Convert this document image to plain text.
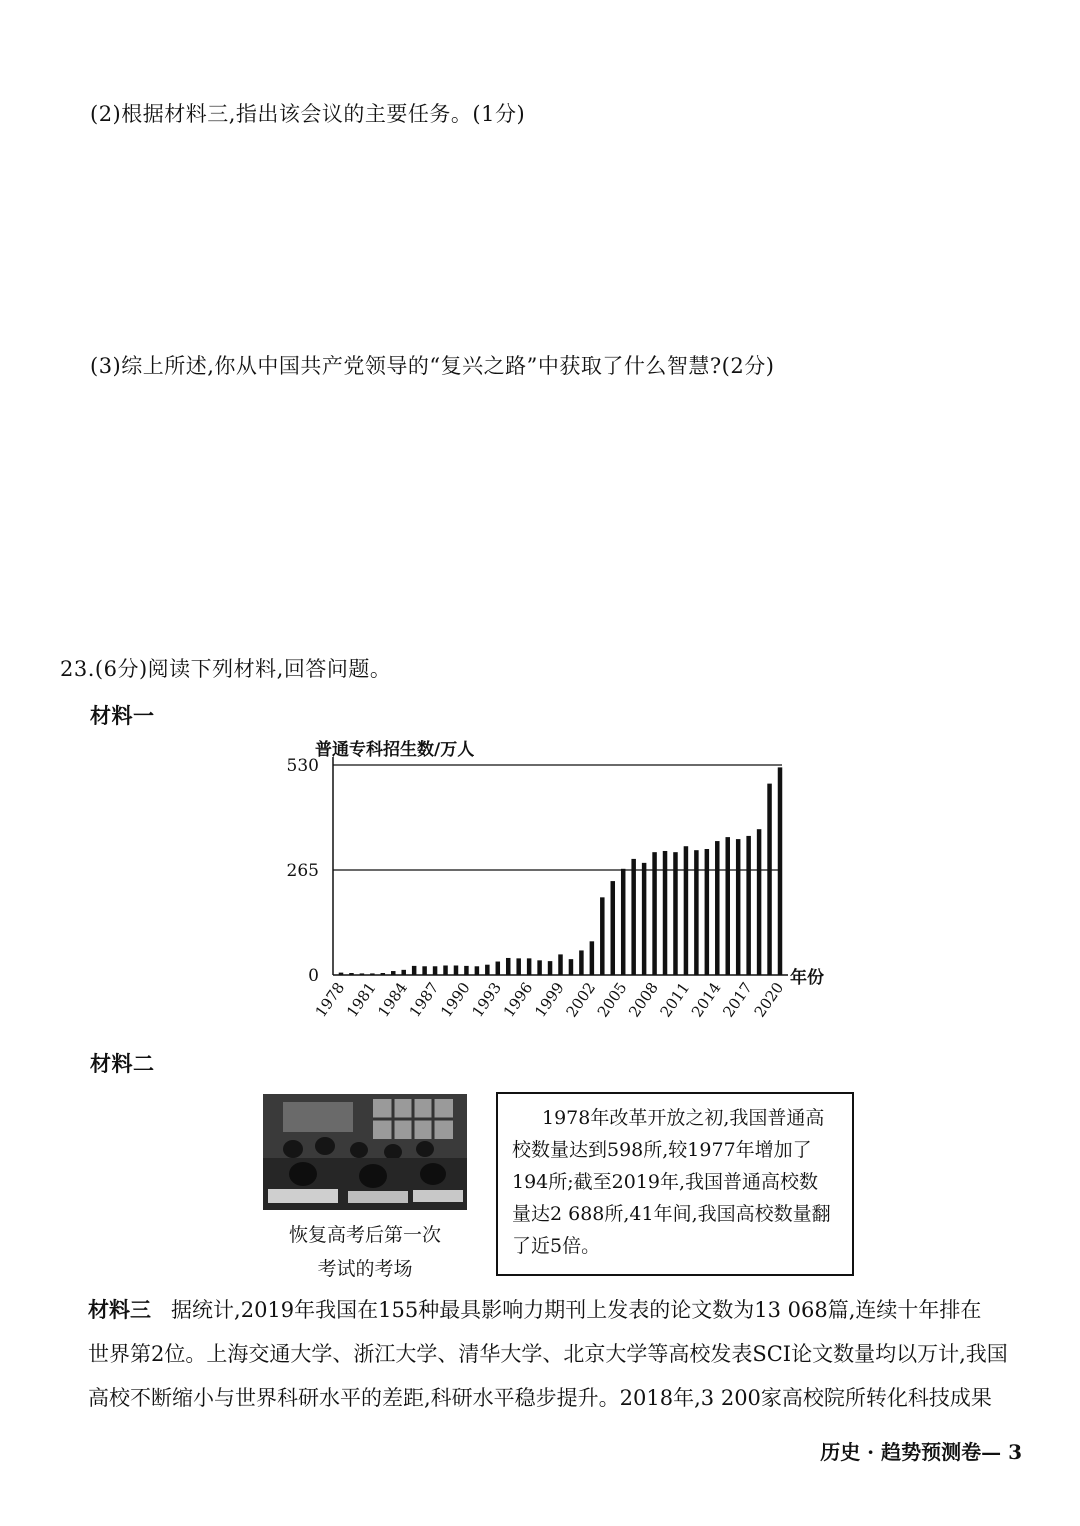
(2)根据材料三,指出该会议的主要任务。(1分)
(3)综上所述,你从中国共产党领导的“复兴之路”中获取了什么智慧?(2分)
23.(6分)阅读下列材料,回答问题。
材料一
0
265
530
普通专科招生数/万人
年份
1978
1981
1984
1987
1990
1993
1996
1999
2002
2005
2008
2011
2014
2017
2020
材料二
恢复高考后第一次
考试的考场
1978年改革开放之初,我国普通高
校数量达到598所,较1977年增加了
194所;截至2019年,我国普通高校数
量达2 688所,41年间,我国高校数量翻
了近5倍。
材料三 据统计,2019年我国在155种最具影响力期刊上发表的论文数为13 068篇,连续十年排在
世界第2位。上海交通大学、浙江大学、清华大学、北京大学等高校发表SCI论文数量均以万计,我国
高校不断缩小与世界科研水平的差距,科研水平稳步提升。2018年,3 200家高校院所转化科技成果
历史 · 趋势预测卷— 3
